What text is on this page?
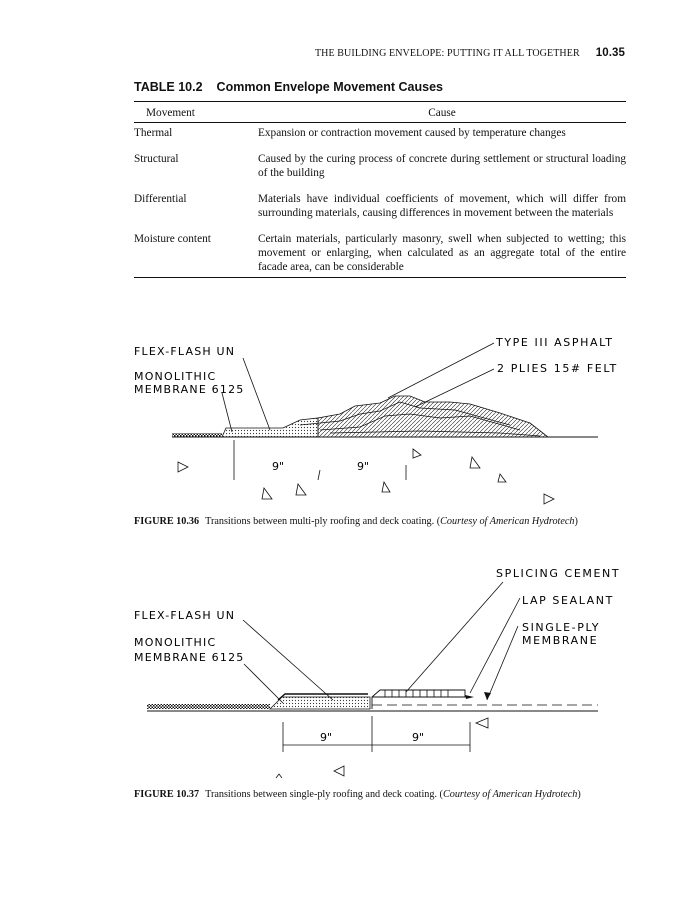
THE BUILDING ENVELOPE: PUTTING IT ALL TOGETHER 10.35
TABLE 10.2 Common Envelope Movement Causes
Movement	Cause
Thermal	Expansion or contraction movement caused by temperature changes
Structural	Caused by the curing process of concrete during settlement or structural loading of the building
Differential	Materials have individual coefficients of movement, which will differ from surrounding materials, causing differences in movement between the materials
Moisture content	Certain materials, particularly masonry, swell when subjected to wetting; this movement or enlarging, when calculated as an aggregate total of the entire facade area, can be considerable
FLEX-FLASH UN
MONOLITHIC
MEMBRANE 6125
TYPE III ASPHALT
2 PLIES 15# FELT
9"	9"
FIGURE 10.36 Transitions between multi-ply roofing and deck coating. (Courtesy of American Hydrotech)
SPLICING CEMENT
LAP SEALANT
FLEX-FLASH UN
SINGLE-PLY
MEMBRANE
MONOLITHIC
MEMBRANE 6125
9"	9"
FIGURE 10.37 Transitions between single-ply roofing and deck coating. (Courtesy of American Hydrotech)
